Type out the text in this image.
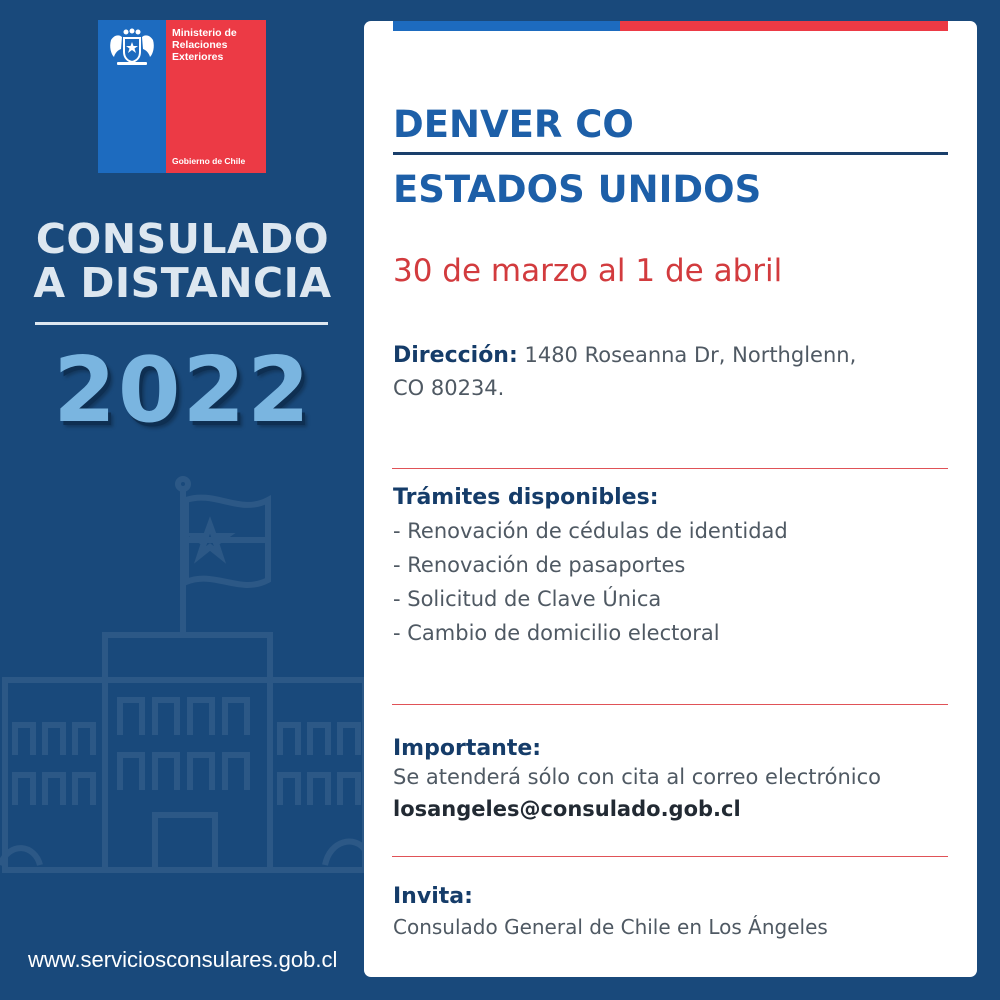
Ministerio de
Relaciones
Exteriores
Gobierno de Chile
CONSULADO
A DISTANCIA
2022
www.serviciosconsulares.gob.cl
DENVER CO
ESTADOS UNIDOS
30 de marzo al 1 de abril
Dirección: 1480 Roseanna Dr, Northglenn,
CO 80234.
Trámites disponibles:
- Renovación de cédulas de identidad
- Renovación de pasaportes
- Solicitud de Clave Única
- Cambio de domicilio electoral
Importante:
Se atenderá sólo con cita al correo electrónico
losangeles@consulado.gob.cl
Invita:
Consulado General de Chile en Los Ángeles
